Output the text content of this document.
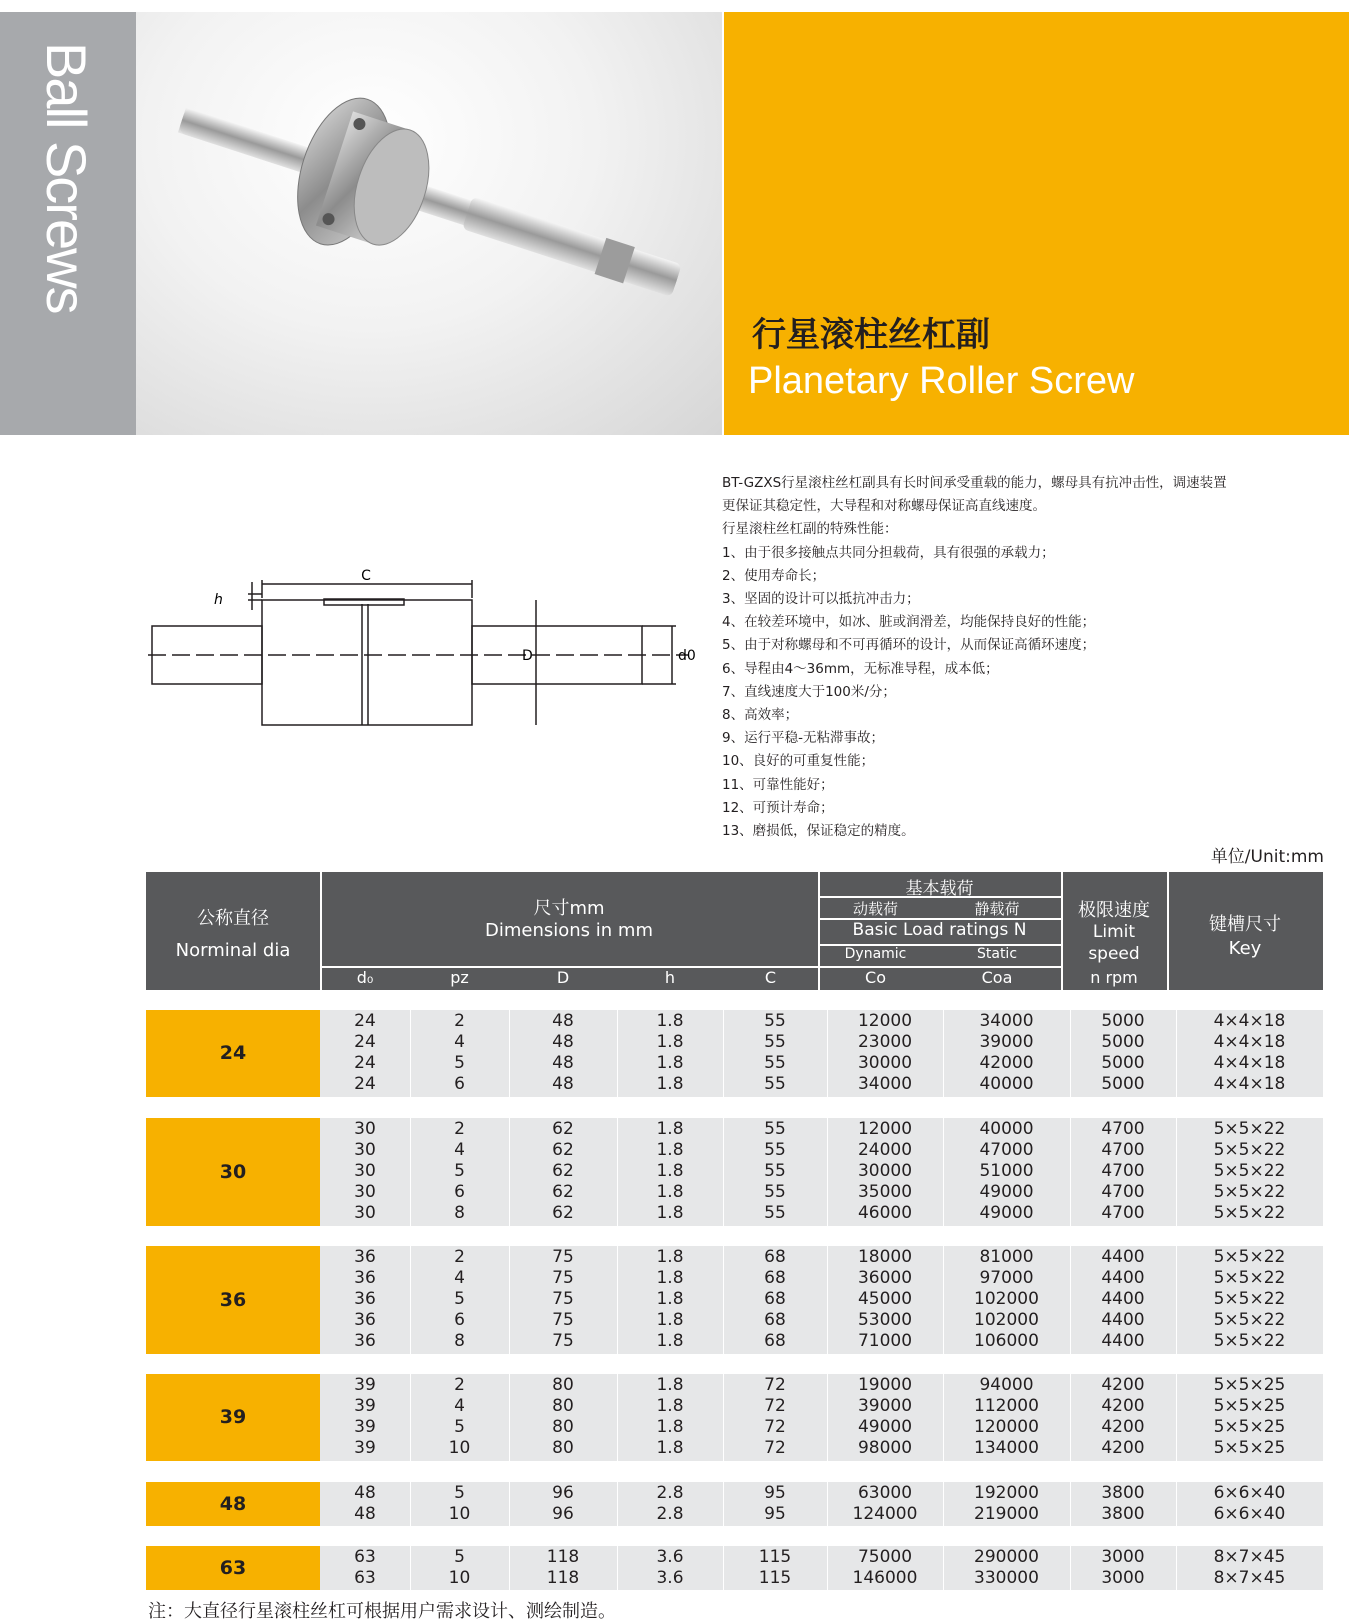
Ball Screws
行星滚柱丝杠副
Planetary Roller Screw
C
h
D	d0

BT-GZXS行星滚柱丝杠副具有长时间承受重载的能力，螺母具有抗冲击性，调速装置

更保证其稳定性，大导程和对称螺母保证高直线速度。

行星滚柱丝杠副的特殊性能：

1、由于很多接触点共同分担载荷，具有很强的承载力；

2、使用寿命长；

3、坚固的设计可以抵抗冲击力；

4、在较差环境中，如冰、脏或润滑差，均能保持良好的性能；

5、由于对称螺母和不可再循环的设计，从而保证高循环速度；

6、导程由4～36mm，无标准导程，成本低；

7、直线速度大于100米/分；

8、高效率；

9、运行平稳-无粘滞事故；

10、良好的可重复性能；

11、可靠性能好；

12、可预计寿命；

13、磨损低，保证稳定的精度。

单位/Unit:mm
公称直径
Norminal dia
尺寸mm
Dimensions in mm
基本载荷
动载荷	静载荷
Basic Load ratings N
Dynamic	Static
极限速度
Limit
speed
n rpm
键槽尺寸
Key
d₀	pz	D	h	C	Co	Coa
24
24	2	48	1.8	55	12000	34000	5000	4×4×18
24	4	48	1.8	55	23000	39000	5000	4×4×18
24	5	48	1.8	55	30000	42000	5000	4×4×18
24	6	48	1.8	55	34000	40000	5000	4×4×18
30
30	2	62	1.8	55	12000	40000	4700	5×5×22
30	4	62	1.8	55	24000	47000	4700	5×5×22
30	5	62	1.8	55	30000	51000	4700	5×5×22
30	6	62	1.8	55	35000	49000	4700	5×5×22
30	8	62	1.8	55	46000	49000	4700	5×5×22
36
36	2	75	1.8	68	18000	81000	4400	5×5×22
36	4	75	1.8	68	36000	97000	4400	5×5×22
36	5	75	1.8	68	45000	102000	4400	5×5×22
36	6	75	1.8	68	53000	102000	4400	5×5×22
36	8	75	1.8	68	71000	106000	4400	5×5×22
39
39	2	80	1.8	72	19000	94000	4200	5×5×25
39	4	80	1.8	72	39000	112000	4200	5×5×25
39	5	80	1.8	72	49000	120000	4200	5×5×25
39	10	80	1.8	72	98000	134000	4200	5×5×25
48
48	5	96	2.8	95	63000	192000	3800	6×6×40
48	10	96	2.8	95	124000	219000	3800	6×6×40
63
63	5	118	3.6	115	75000	290000	3000	8×7×45
63	10	118	3.6	115	146000	330000	3000	8×7×45
注：大直径行星滚柱丝杠可根据用户需求设计、测绘制造。
